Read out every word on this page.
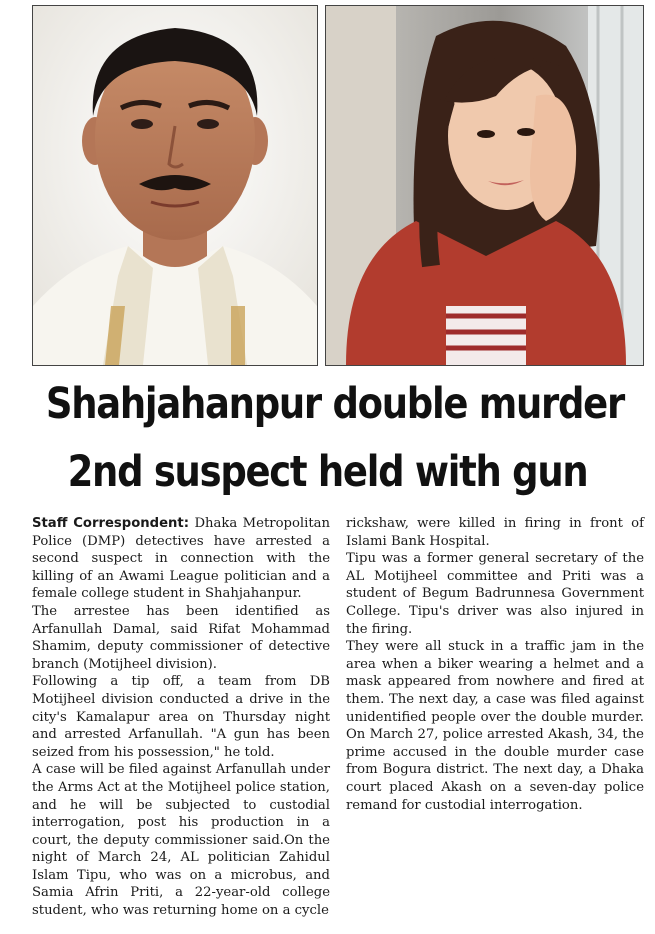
Shahjahanpur double murder
2nd suspect held with gun

Staff Correspondent: Dhaka Metropolitan Police (DMP) detectives have arrested a second suspect in connection with the killing of an Awami League politician and a female college student in Shahjahanpur.

The arrestee has been identified as Arfanullah Damal, said Rifat Mohammad Shamim, deputy commissioner of detective branch (Motijheel division).

Following a tip off, a team from DB Motijheel division conducted a drive in the city's Kamalapur area on Thursday night and arrested Arfanullah. "A gun has been seized from his possession," he told.

A case will be filed against Arfanullah under the Arms Act at the Motijheel police station, and he will be subjected to custodial interrogation, post his production in a court, the deputy commissioner said.On the night of March 24, AL politician Zahidul Islam Tipu, who was on a microbus, and Samia Afrin Priti, a 22-year-old college student, who was returning home on a cycle

rickshaw, were killed in firing in front of Islami Bank Hospital.

Tipu was a former general secretary of the AL Motijheel committee and Priti was a student of Begum Badrunnesa Government College. Tipu's driver was also injured in the firing.

They were all stuck in a traffic jam in the area when a biker wearing a helmet and a mask appeared from nowhere and fired at them. The next day, a case was filed against unidentified people over the double murder. On March 27, police arrested Akash, 34, the prime accused in the double murder case from Bogura district. The next day, a Dhaka court placed Akash on a seven-day police remand for custodial interrogation.
